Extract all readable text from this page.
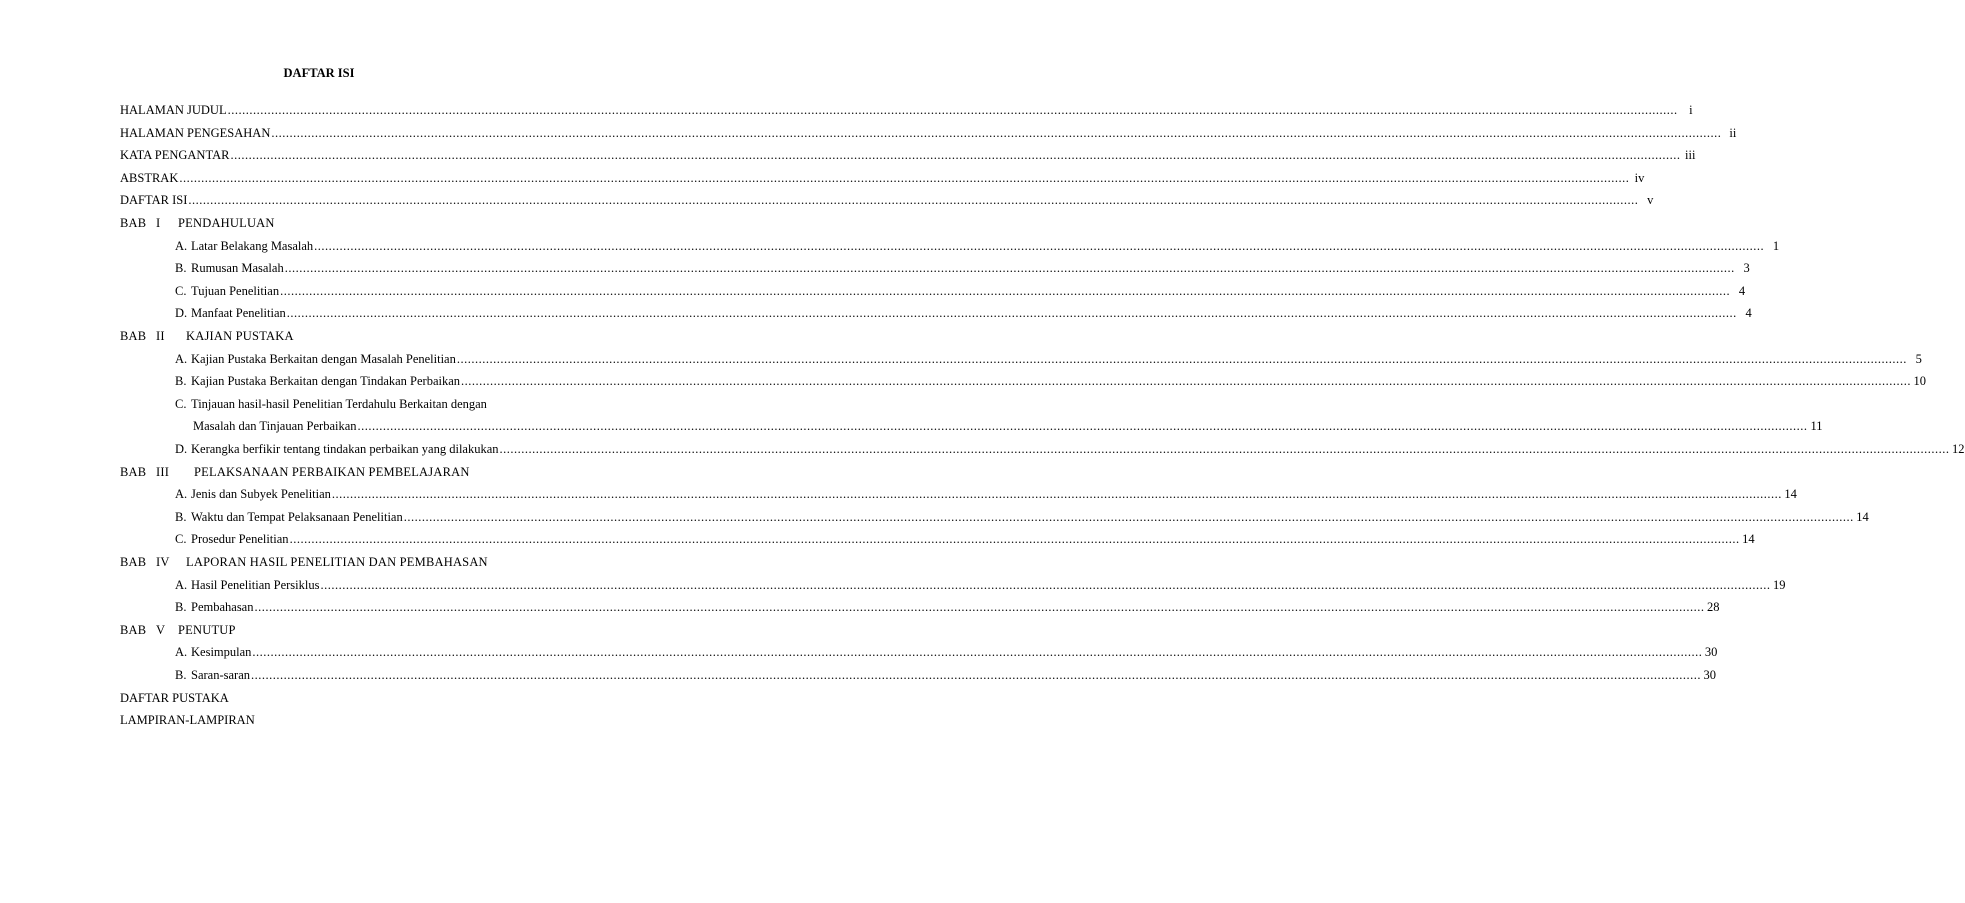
DAFTAR ISI
HALAMAN JUDUL ................................................................................................................................................................................................................................................................................................................................................................................................................ i
HALAMAN PENGESAHAN ................................................................................................................................................................................................................................................................................................................................................................................................................ ii
KATA PENGANTAR ................................................................................................................................................................................................................................................................................................................................................................................................................ iii
ABSTRAK ................................................................................................................................................................................................................................................................................................................................................................................................................ iv
DAFTAR ISI ................................................................................................................................................................................................................................................................................................................................................................................................................ v
BAB I PENDAHULUAN
A. Latar Belakang Masalah ................................................................................................................................................................................................................................................................................................................................................................................................................ 1
B. Rumusan Masalah ................................................................................................................................................................................................................................................................................................................................................................................................................ 3
C. Tujuan Penelitian ................................................................................................................................................................................................................................................................................................................................................................................................................ 4
D. Manfaat Penelitian ................................................................................................................................................................................................................................................................................................................................................................................................................ 4
BAB II KAJIAN PUSTAKA
A. Kajian Pustaka Berkaitan dengan Masalah Penelitian ................................................................................................................................................................................................................................................................................................................................................................................................................ 5
B. Kajian Pustaka Berkaitan dengan Tindakan Perbaikan ................................................................................................................................................................................................................................................................................................................................................................................................................ 10
C. Tinjauan hasil-hasil Penelitian Terdahulu Berkaitan dengan
Masalah dan Tinjauan Perbaikan ................................................................................................................................................................................................................................................................................................................................................................................................................ 11
D. Kerangka berfikir tentang tindakan perbaikan yang dilakukan ................................................................................................................................................................................................................................................................................................................................................................................................................ 12
BAB III PELAKSANAAN PERBAIKAN PEMBELAJARAN
A. Jenis dan Subyek Penelitian ................................................................................................................................................................................................................................................................................................................................................................................................................ 14
B. Waktu dan Tempat Pelaksanaan Penelitian ................................................................................................................................................................................................................................................................................................................................................................................................................ 14
C. Prosedur Penelitian ................................................................................................................................................................................................................................................................................................................................................................................................................ 14
BAB IV LAPORAN HASIL PENELITIAN DAN PEMBAHASAN
A. Hasil Penelitian Persiklus ................................................................................................................................................................................................................................................................................................................................................................................................................ 19
B. Pembahasan ................................................................................................................................................................................................................................................................................................................................................................................................................ 28
BAB V PENUTUP
A. Kesimpulan ................................................................................................................................................................................................................................................................................................................................................................................................................ 30
B. Saran-saran ................................................................................................................................................................................................................................................................................................................................................................................................................ 30
DAFTAR PUSTAKA
LAMPIRAN-LAMPIRAN
